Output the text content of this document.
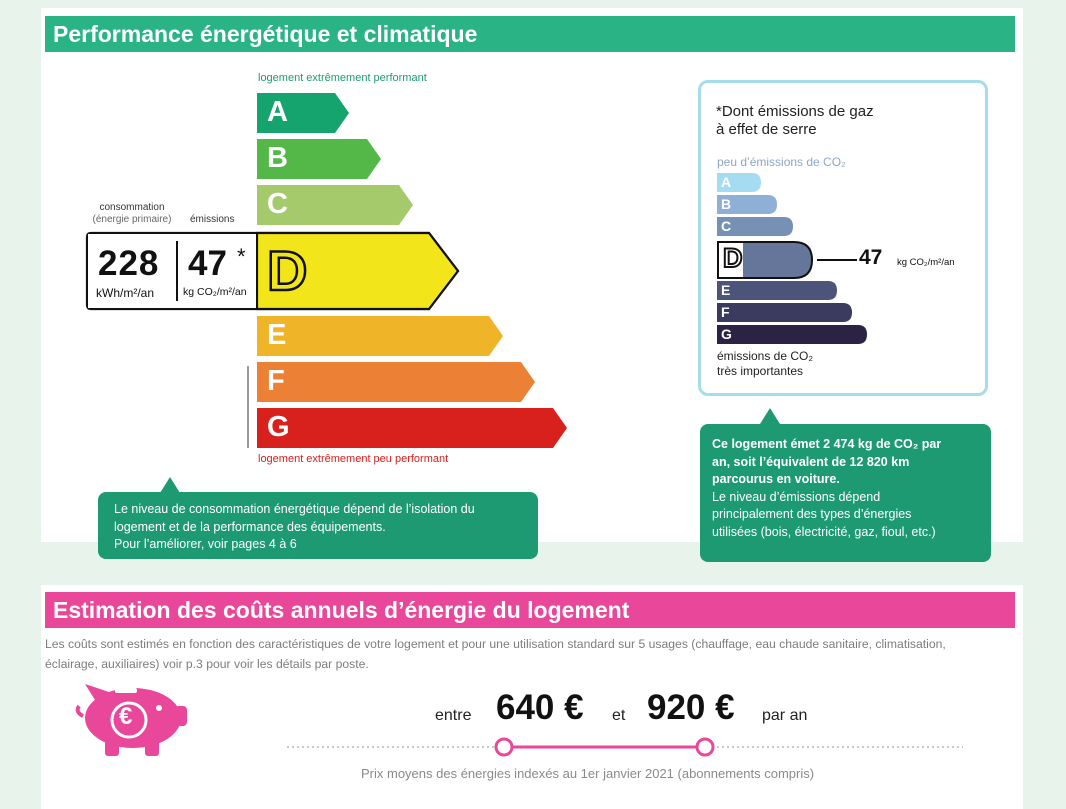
Performance énergétique et climatique
logement extrêmement performant
A
B
C
E
F
G
logement extrêmement peu performant
consommation
(énergie primaire)	émissions
228
kWh/m²/an
47 *
kg CO₂/m²/an D
Le niveau de consommation énergétique dépend de l’isolation du
logement et de la performance des équipements.
Pour l’améliorer, voir pages 4 à 6
*Dont émissions de gaz
à effet de serre
peu d’émissions de CO₂
A
B
C
E
F
G
D	47 kg CO₂/m²/an
émissions de CO₂
très importantes
Ce logement émet 2 474 kg de CO₂ par
an, soit l’équivalent de 12 820 km
parcourus en voiture.
Le niveau d’émissions dépend
principalement des types d’énergies
utilisées (bois, électricité, gaz, fioul, etc.)
Estimation des coûts annuels d’énergie du logement
Les coûts sont estimés en fonction des caractéristiques de votre logement et pour une utilisation standard sur 5 usages (chauffage, eau chaude sanitaire, climatisation,
éclairage, auxiliaires) voir p.3 pour voir les détails par poste.
€	entre 640 € et 920 € par an
Prix moyens des énergies indexés au 1er janvier 2021 (abonnements compris)
